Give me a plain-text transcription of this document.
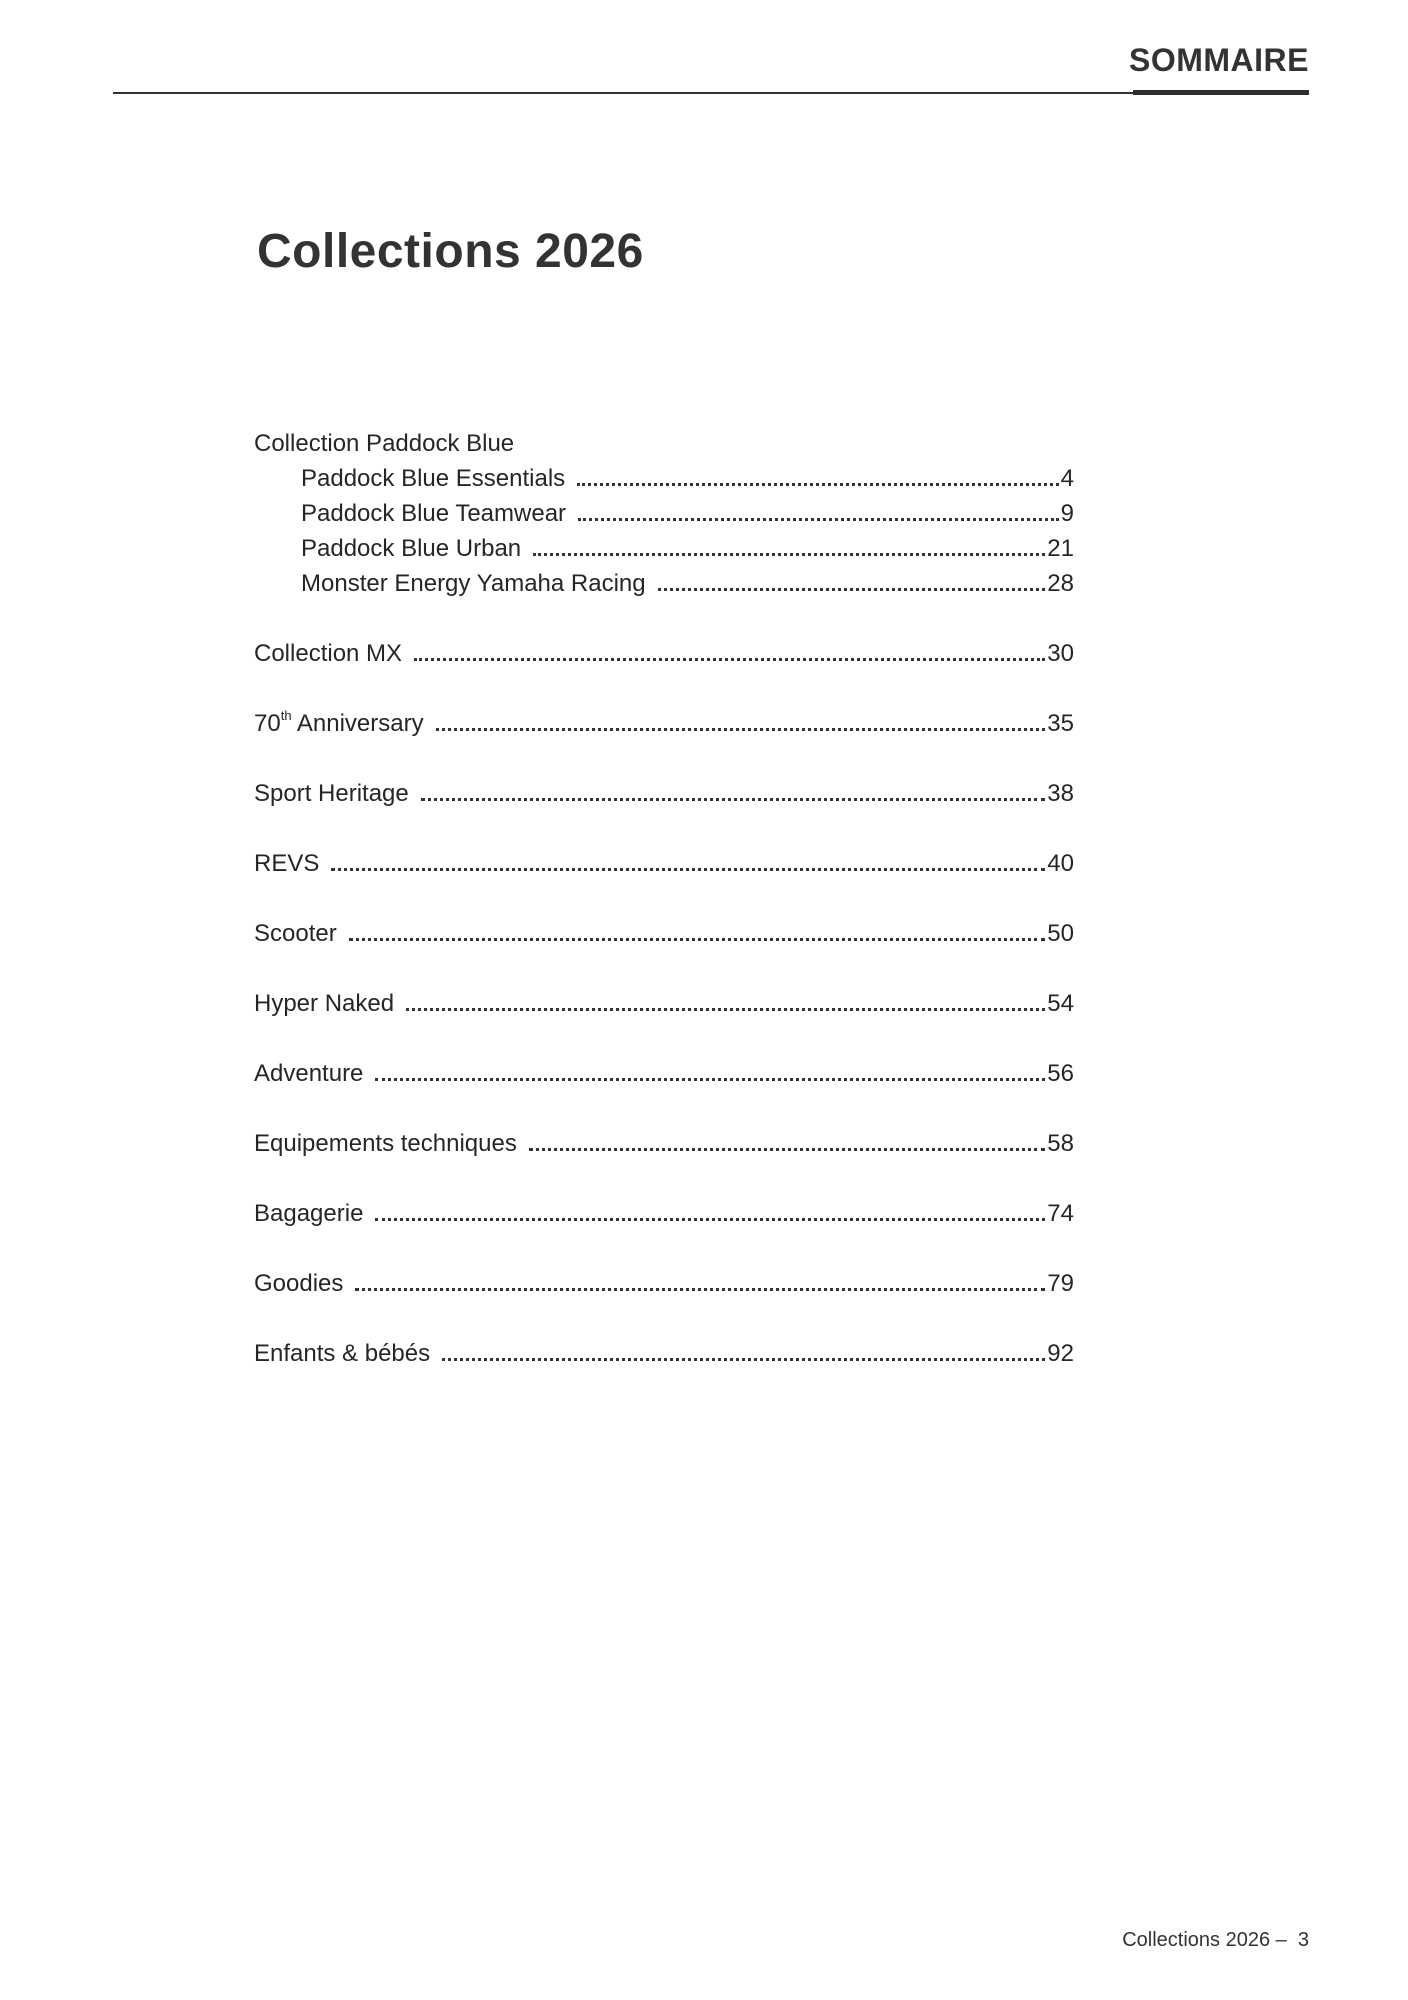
SOMMAIRE
Collections 2026
Collection Paddock Blue
Paddock Blue Essentials	4
Paddock Blue Teamwear	9
Paddock Blue Urban	21
Monster Energy Yamaha Racing	28
Collection MX	30
70th Anniversary	35
Sport Heritage	38
REVS	40
Scooter	50
Hyper Naked	54
Adventure	56
Equipements techniques	58
Bagagerie	74
Goodies	79
Enfants & bébés	92
Collections 2026 –  3
